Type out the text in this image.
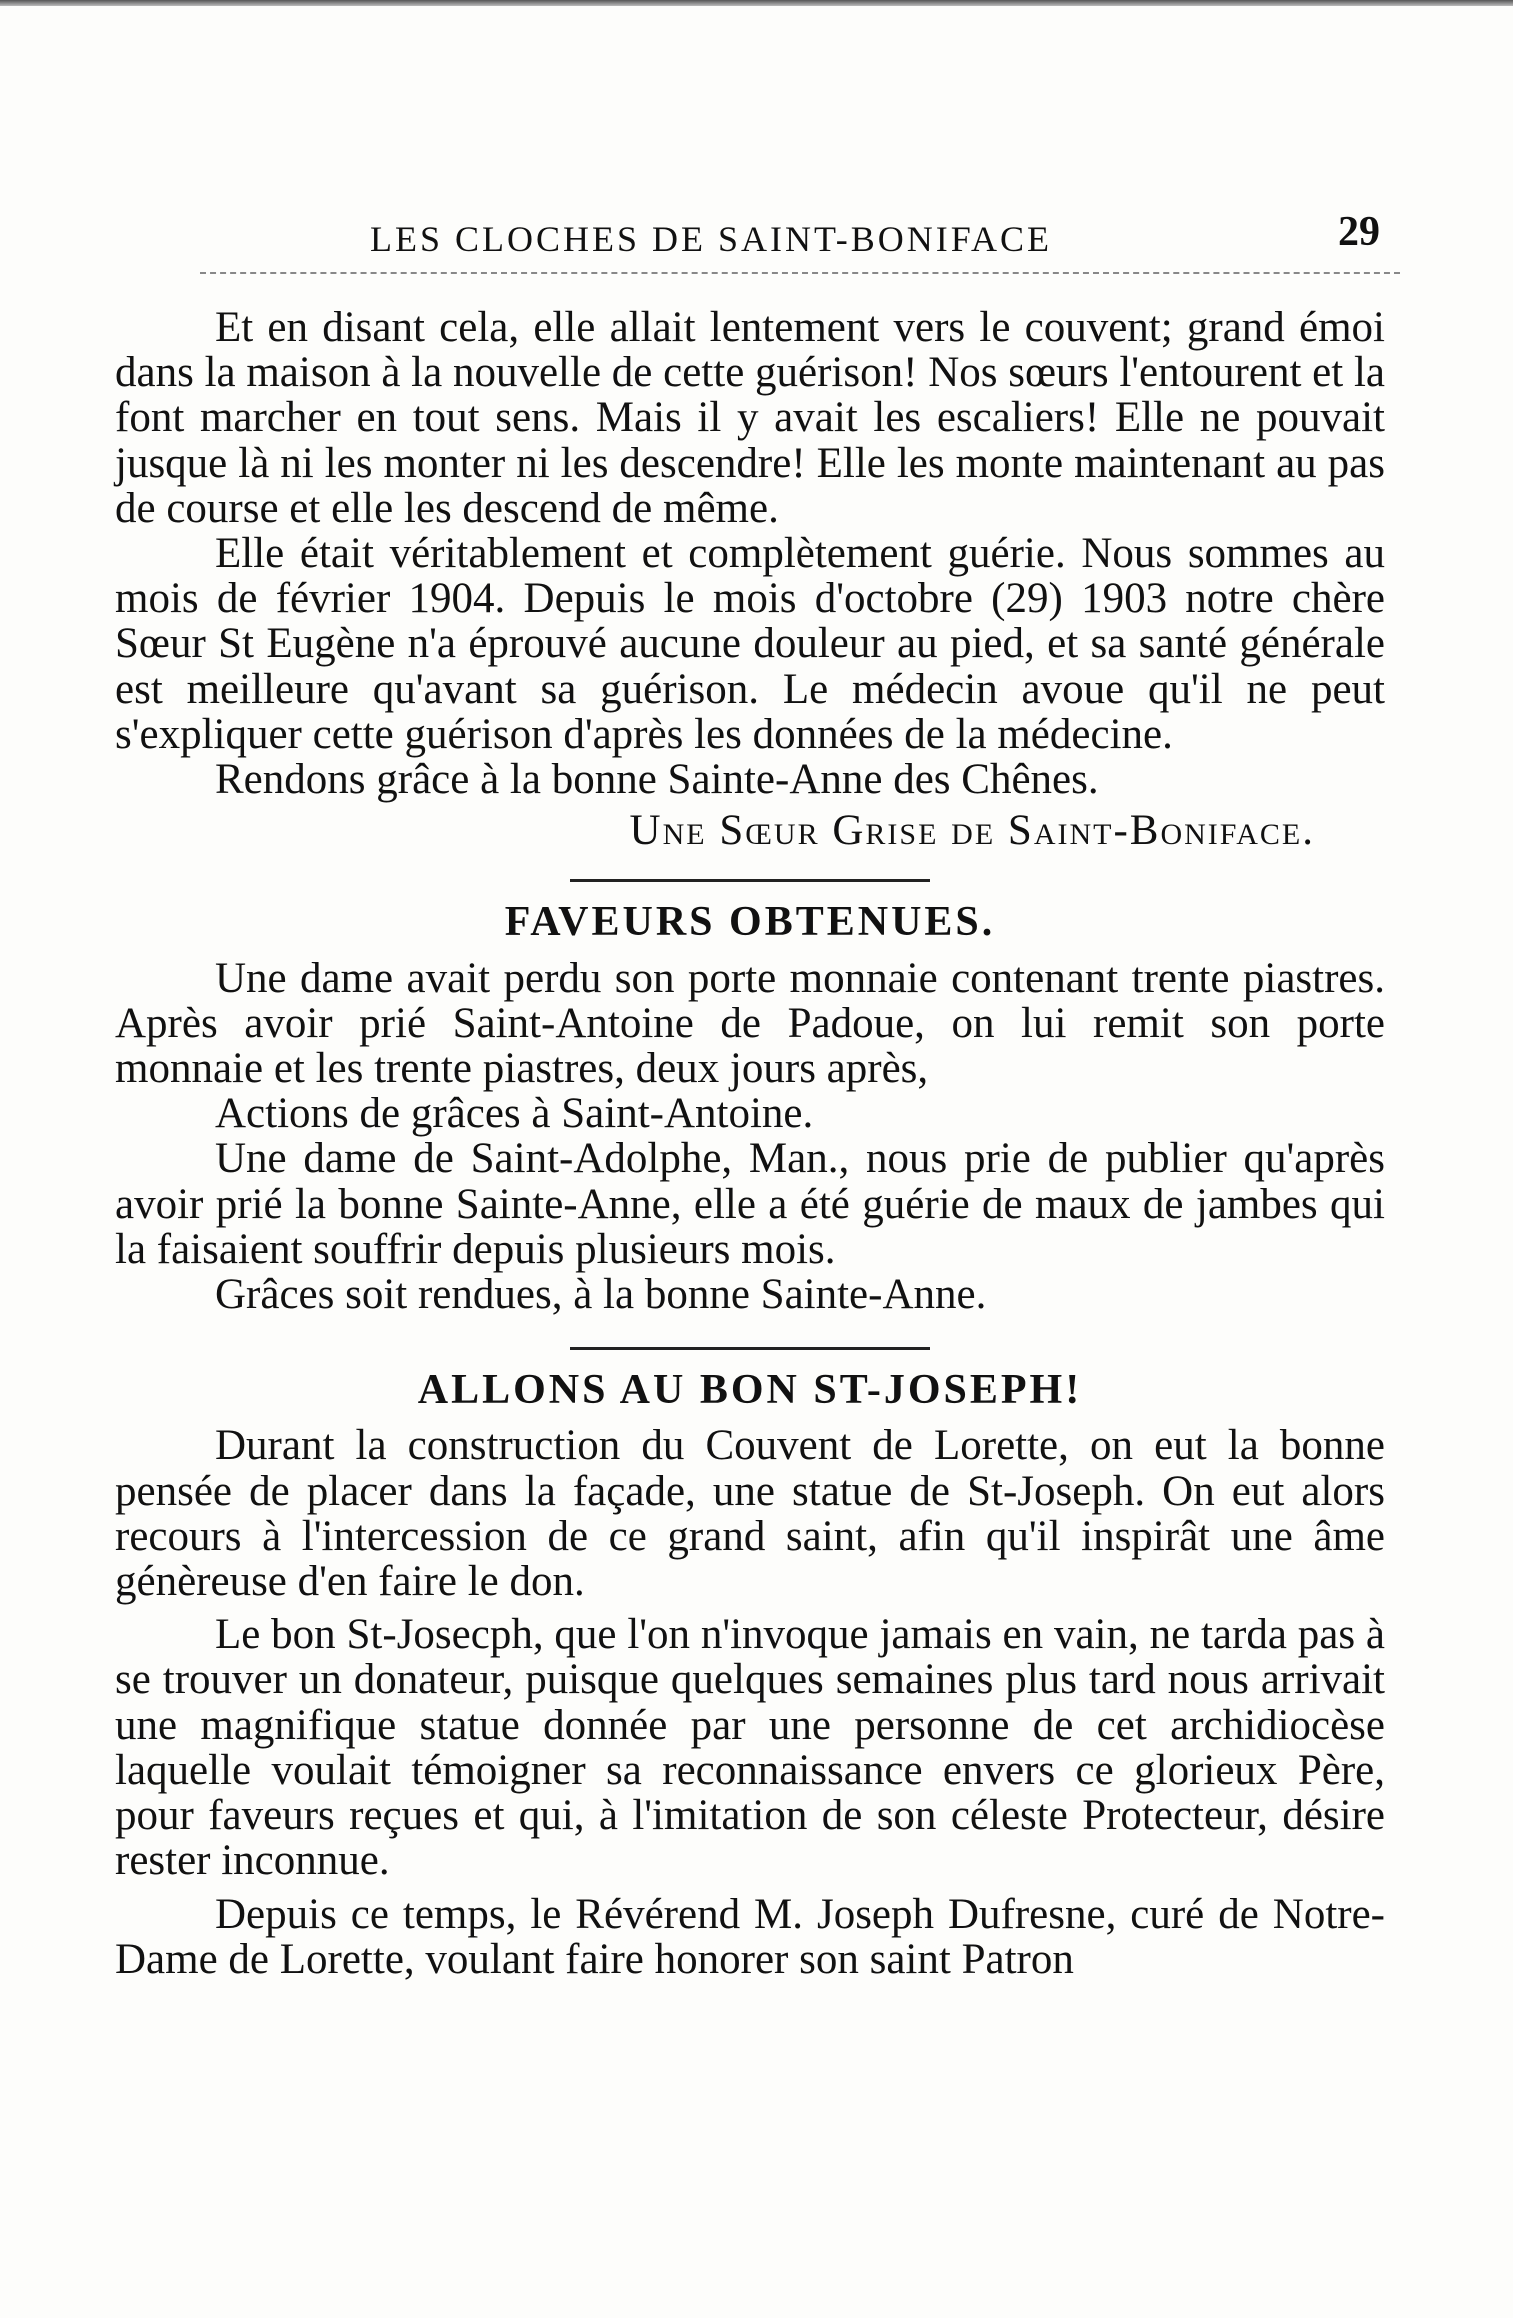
LES CLOCHES DE SAINT-BONIFACE	29

Et en disant cela, elle allait lentement vers le couvent; grand émoi dans la maison à la nouvelle de cette guérison! Nos sœurs l'entourent et la font marcher en tout sens. Mais il y avait les escaliers! Elle ne pouvait jusque là ni les monter ni les descendre! Elle les monte maintenant au pas de course et elle les descend de même.

Elle était véritablement et complètement guérie. Nous sommes au mois de février 1904. Depuis le mois d'octobre (29) 1903 notre chère Sœur St Eugène n'a éprouvé aucune douleur au pied, et sa santé générale est meilleure qu'avant sa guérison. Le médecin avoue qu'il ne peut s'expliquer cette guérison d'après les données de la médecine.

Rendons grâce à la bonne Sainte-Anne des Chênes.

Une Sœur Grise de Saint-Boniface.

FAVEURS OBTENUES.

Une dame avait perdu son porte monnaie contenant trente piastres. Après avoir prié Saint-Antoine de Padoue, on lui remit son porte monnaie et les trente piastres, deux jours après,

Actions de grâces à Saint-Antoine.

Une dame de Saint-Adolphe, Man., nous prie de publier qu'après avoir prié la bonne Sainte-Anne, elle a été guérie de maux de jambes qui la faisaient souffrir depuis plusieurs mois.

Grâces soit rendues, à la bonne Sainte-Anne.

ALLONS AU BON ST-JOSEPH!

Durant la construction du Couvent de Lorette, on eut la bonne pensée de placer dans la façade, une statue de St-Joseph. On eut alors recours à l'intercession de ce grand saint, afin qu'il inspirât une âme génèreuse d'en faire le don.

Le bon St-Josecph, que l'on n'invoque jamais en vain, ne tarda pas à se trouver un donateur, puisque quelques semaines plus tard nous arrivait une magnifique statue donnée par une personne de cet archidiocèse laquelle voulait témoigner sa reconnaissance envers ce glorieux Père, pour faveurs reçues et qui, à l'imitation de son céleste Protecteur, désire rester inconnue.

Depuis ce temps, le Révérend M. Joseph Dufresne, curé de Notre-Dame de Lorette, voulant faire honorer son saint Patron
